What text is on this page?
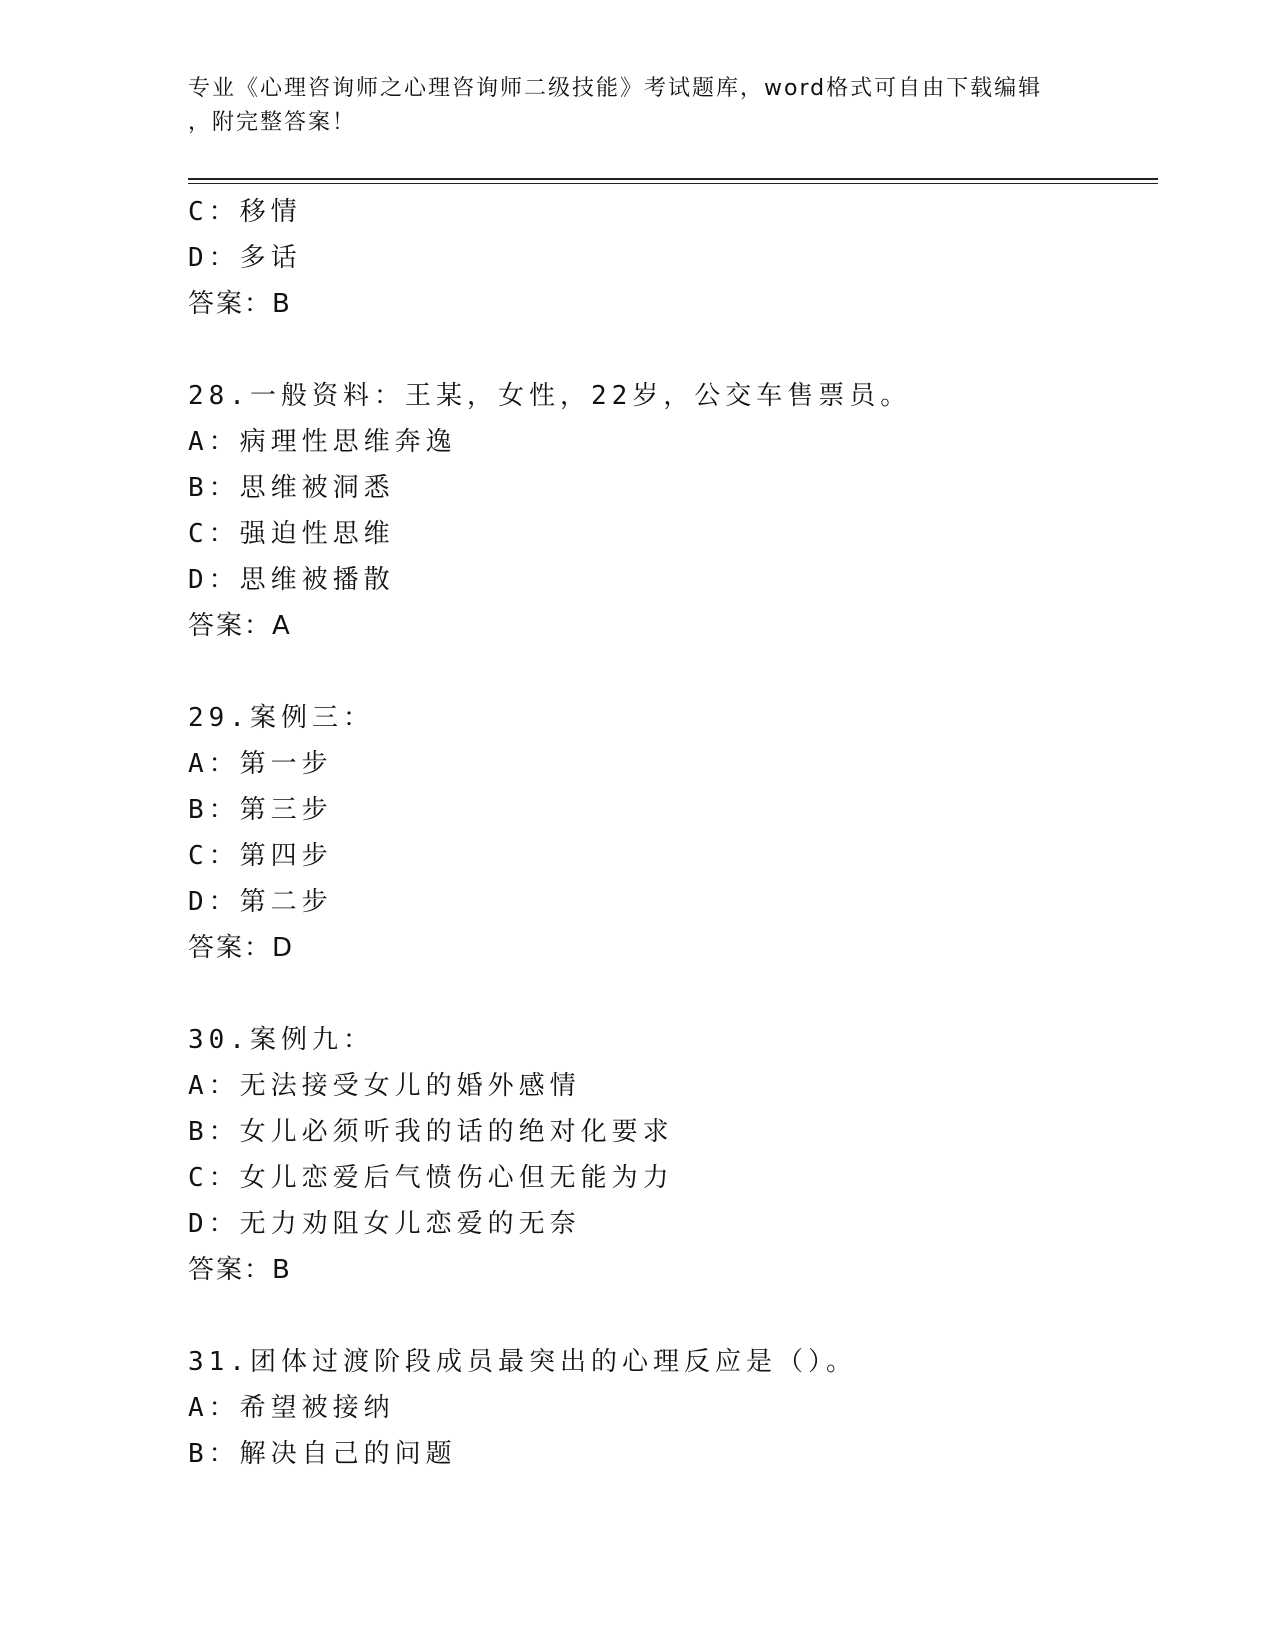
专业《心理咨询师之心理咨询师二级技能》考试题库，word格式可自由下载编辑
，附完整答案！
C：移情
D：多话
答案：B
28.一般资料：王某，女性，22岁，公交车售票员。
A：病理性思维奔逸
B：思维被洞悉
C：强迫性思维
D：思维被播散
答案：A
29.案例三：
A：第一步
B：第三步
C：第四步
D：第二步
答案：D
30.案例九：
A：无法接受女儿的婚外感情
B：女儿必须听我的话的绝对化要求
C：女儿恋爱后气愤伤心但无能为力
D：无力劝阻女儿恋爱的无奈
答案：B
31.团体过渡阶段成员最突出的心理反应是（）。
A：希望被接纳
B：解决自己的问题
